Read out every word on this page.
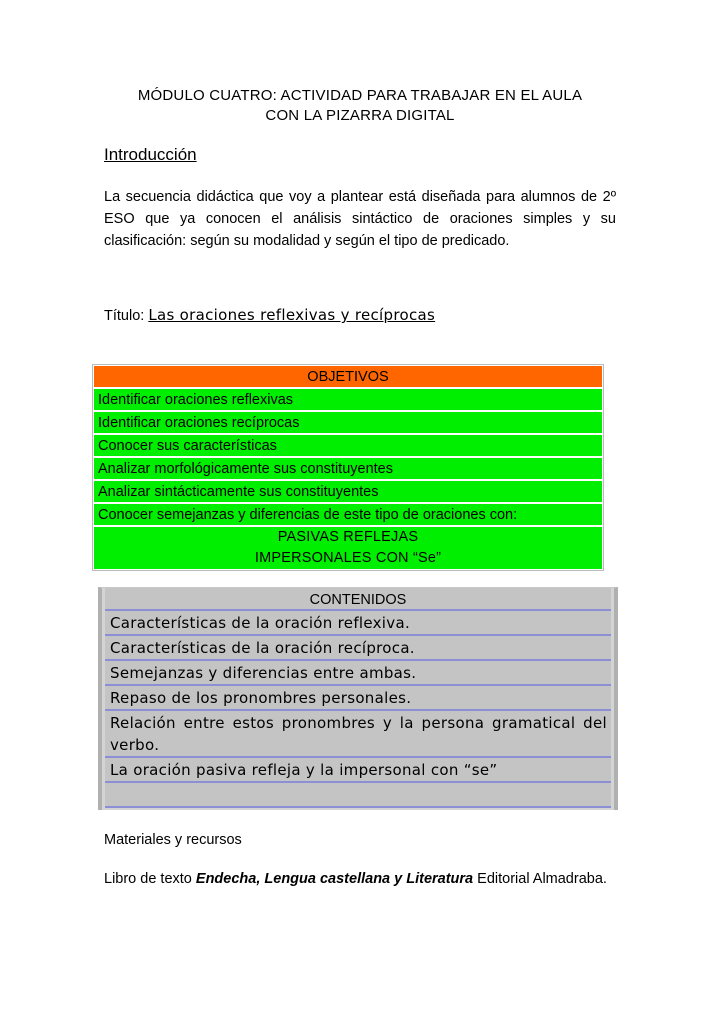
MÓDULO CUATRO: ACTIVIDAD PARA TRABAJAR EN EL AULA
CON LA PIZARRA DIGITAL
Introducción
La secuencia didáctica que voy a plantear está diseñada para alumnos de 2º ESO que ya conocen el análisis sintáctico de oraciones simples y su clasificación: según su modalidad y según el tipo de predicado.
Título: Las oraciones reflexivas y recíprocas
OBJETIVOS
Identificar oraciones reflexivas
Identificar oraciones recíprocas
Conocer sus características
Analizar morfológicamente sus constituyentes
Analizar sintácticamente sus constituyentes
Conocer semejanzas y diferencias de este tipo de oraciones con:
PASIVAS REFLEJAS
IMPERSONALES CON “Se”
CONTENIDOS
Características de la oración reflexiva.
Características de la oración recíproca.
Semejanzas y diferencias entre ambas.
Repaso de los pronombres personales.
Relación entre estos pronombres y la persona gramatical del verbo.
La oración pasiva refleja y la impersonal con “se”
Materiales y recursos
Libro de texto Endecha, Lengua castellana y Literatura Editorial Almadraba.
